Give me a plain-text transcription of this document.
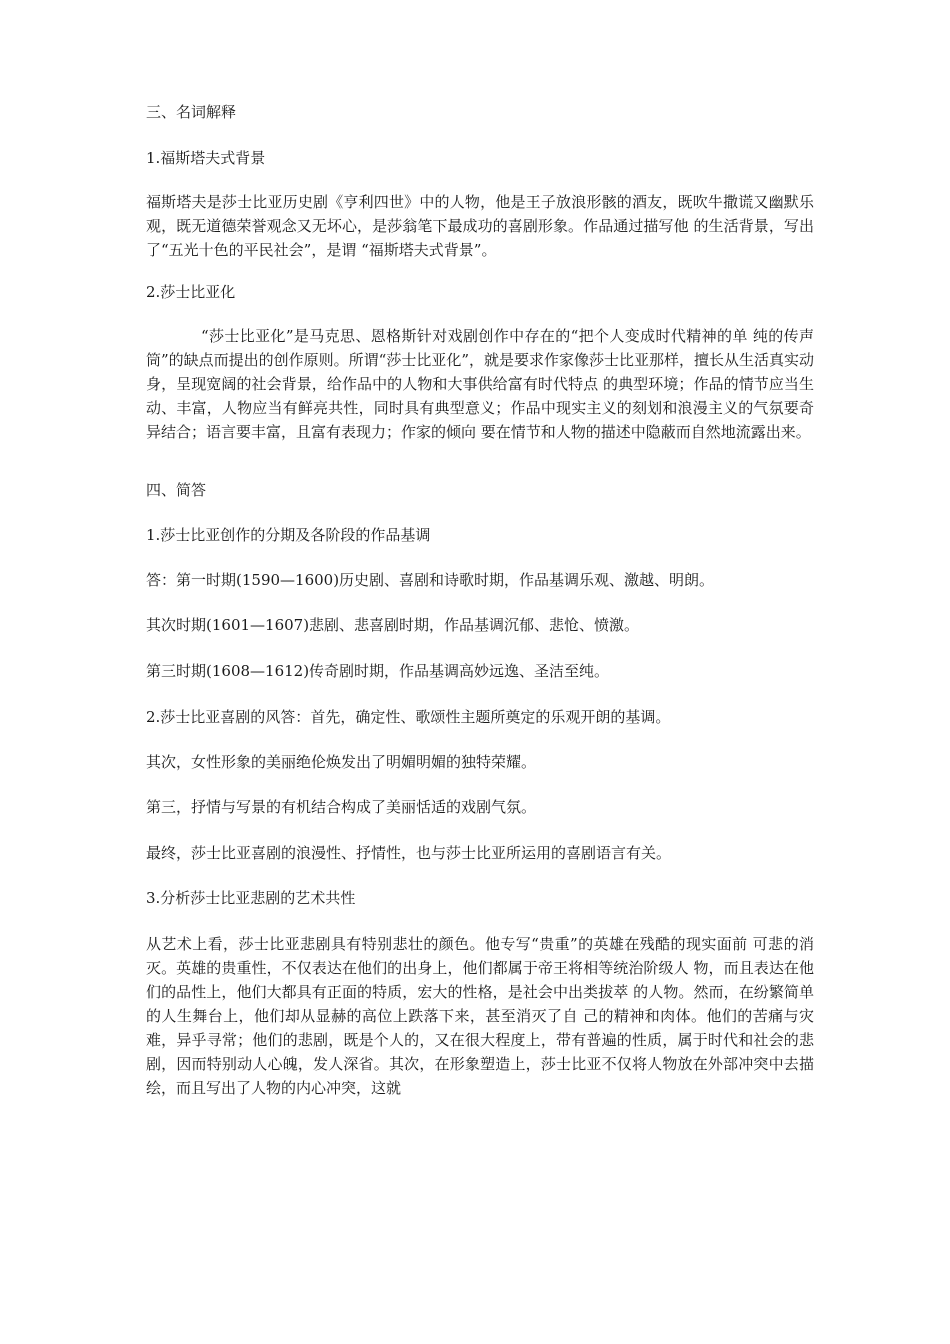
三、名词解释
1.福斯塔夫式背景
福斯塔夫是莎士比亚历史剧《亨利四世》中的人物，他是王子放浪形骸的酒友，既吹牛撒谎又幽默乐观，既无道德荣誉观念又无坏心，是莎翁笔下最成功的喜剧形象。作品通过描写他 的生活背景，写出了“五光十色的平民社会”，是谓 “福斯塔夫式背景”。
2.莎士比亚化
“莎士比亚化”是马克思、恩格斯针对戏剧创作中存在的“把个人变成时代精神的单 纯的传声筒”的缺点而提出的创作原则。所谓“莎士比亚化”，就是要求作家像莎士比亚那样，擅长从生活真实动身，呈现宽阔的社会背景，给作品中的人物和大事供给富有时代特点 的典型环境；作品的情节应当生动、丰富，人物应当有鲜亮共性，同时具有典型意义；作品中现实主义的刻划和浪漫主义的气氛要奇异结合；语言要丰富，且富有表现力；作家的倾向 要在情节和人物的描述中隐蔽而自然地流露出来。
四、简答
1.莎士比亚创作的分期及各阶段的作品基调
答：第一时期(1590—1600)历史剧、喜剧和诗歌时期，作品基调乐观、激越、明朗。
其次时期(1601—1607)悲剧、悲喜剧时期，作品基调沉郁、悲怆、愤激。
第三时期(1608—1612)传奇剧时期，作品基调高妙远逸、圣洁至纯。
2.莎士比亚喜剧的风答：首先，确定性、歌颂性主题所奠定的乐观开朗的基调。
其次，女性形象的美丽绝伦焕发出了明媚明媚的独特荣耀。
第三，抒情与写景的有机结合构成了美丽恬适的戏剧气氛。
最终，莎士比亚喜剧的浪漫性、抒情性，也与莎士比亚所运用的喜剧语言有关。
3.分析莎士比亚悲剧的艺术共性
从艺术上看，莎士比亚悲剧具有特别悲壮的颜色。他专写“贵重”的英雄在残酷的现实面前 可悲的消灭。英雄的贵重性，不仅表达在他们的出身上，他们都属于帝王将相等统治阶级人 物，而且表达在他们的品性上，他们大都具有正面的特质，宏大的性格，是社会中出类拔萃 的人物。然而，在纷繁简单的人生舞台上，他们却从显赫的高位上跌落下来，甚至消灭了自 己的精神和肉体。他们的苦痛与灾难，异乎寻常；他们的悲剧，既是个人的，又在很大程度上，带有普遍的性质，属于时代和社会的悲剧，因而特别动人心魄，发人深省。其次，在形象塑造上，莎士比亚不仅将人物放在外部冲突中去描绘，而且写出了人物的内心冲突，这就
